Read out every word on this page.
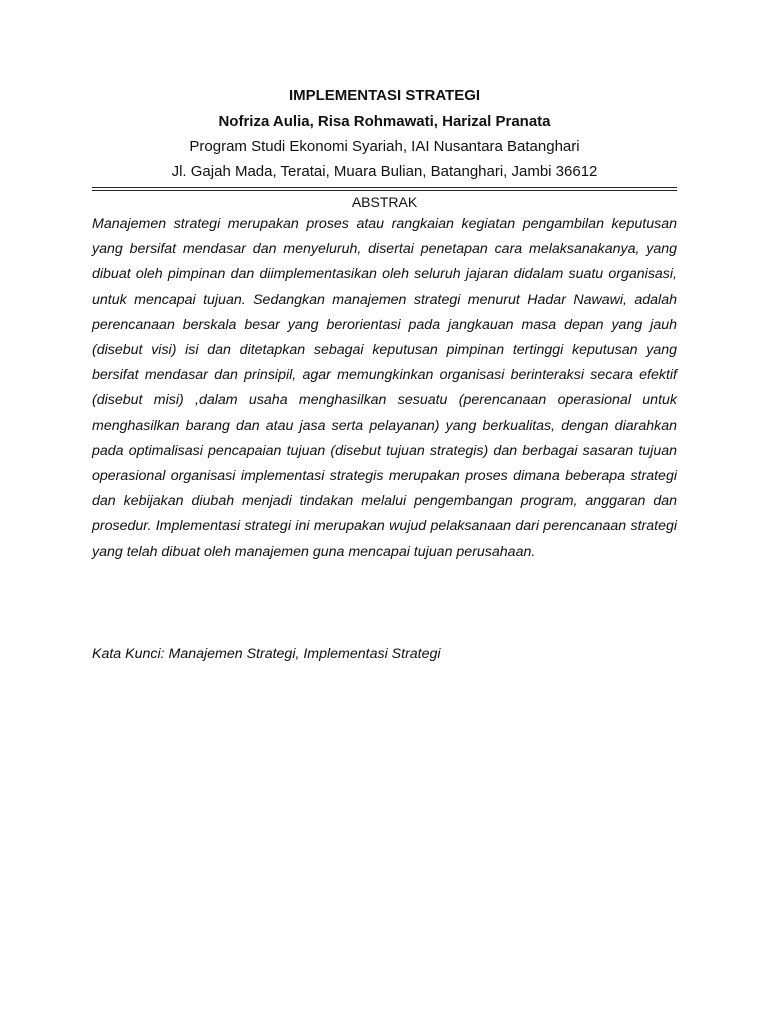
IMPLEMENTASI STRATEGI
Nofriza Aulia, Risa Rohmawati, Harizal Pranata
Program Studi Ekonomi Syariah, IAI Nusantara Batanghari
Jl. Gajah Mada, Teratai, Muara Bulian, Batanghari, Jambi 36612
ABSTRAK

Manajemen strategi merupakan proses atau rangkaian kegiatan pengambilan keputusan yang bersifat mendasar dan menyeluruh, disertai penetapan cara melaksanakanya, yang dibuat oleh pimpinan dan diimplementasikan oleh seluruh jajaran didalam suatu organisasi, untuk mencapai tujuan. Sedangkan manajemen strategi menurut Hadar Nawawi, adalah perencanaan berskala besar yang berorientasi pada jangkauan masa depan yang jauh (disebut visi) isi dan ditetapkan sebagai keputusan pimpinan tertinggi keputusan yang bersifat mendasar dan prinsipil, agar memungkinkan organisasi berinteraksi secara efektif (disebut misi) ,dalam usaha menghasilkan sesuatu (perencanaan operasional untuk menghasilkan barang dan atau jasa serta pelayanan) yang berkualitas, dengan diarahkan pada optimalisasi pencapaian tujuan (disebut tujuan strategis) dan berbagai sasaran tujuan operasional organisasi implementasi strategis merupakan proses dimana beberapa strategi dan kebijakan diubah menjadi tindakan melalui pengembangan program, anggaran dan prosedur. Implementasi strategi ini merupakan wujud pelaksanaan dari perencanaan strategi yang telah dibuat oleh manajemen guna mencapai tujuan perusahaan.

Kata Kunci: Manajemen Strategi, Implementasi Strategi
